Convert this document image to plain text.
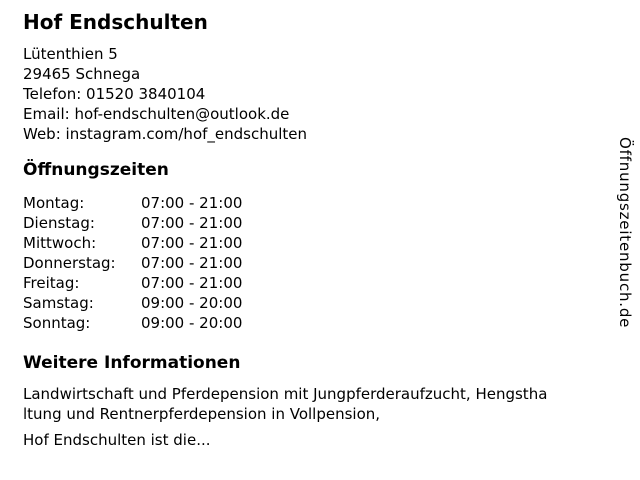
Hof Endschulten
Lütenthien 5
29465 Schnega
Telefon: 01520 3840104
Email: hof-endschulten@outlook.de
Web: instagram.com/hof_endschulten
Öffnungszeiten
Montag:	07:00 - 21:00
Dienstag:	07:00 - 21:00
Mittwoch:	07:00 - 21:00
Donnerstag:	07:00 - 21:00
Freitag:	07:00 - 21:00
Samstag:	09:00 - 20:00
Sonntag:	09:00 - 20:00
Weitere Informationen
Landwirtschaft und Pferdepension mit Jungpferderaufzucht, Hengstha
ltung und Rentnerpferdepension in Vollpension,
Hof Endschulten ist die...
Öffnungszeitenbuch.de
